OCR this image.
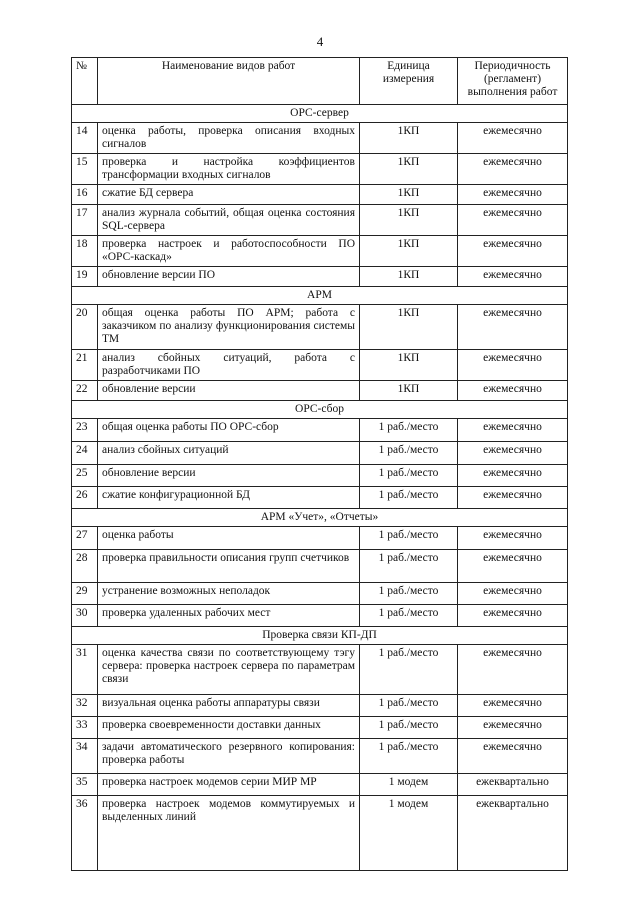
4
№	Наименование видов работ	Единица измерения	Периодичность (регламент) выполнения работ
ОРС-сервер			
14	оценка работы, проверка описания входных сигналов	1КП	ежемесячно
15	проверка и настройка коэффициентов трансформации входных сигналов	1КП	ежемесячно
16	сжатие БД сервера	1КП	ежемесячно
17	анализ журнала событий, общая оценка состояния SQL-сервера	1КП	ежемесячно
18	проверка настроек и работоспособности ПО «ОРС-каскад»	1КП	ежемесячно
19	обновление версии ПО	1КП	ежемесячно
АРМ			
20	общая оценка работы ПО АРМ; работа с заказчиком по анализу функционирования системы ТМ	1КП	ежемесячно
21	анализ сбойных ситуаций, работа с разработчиками ПО	1КП	ежемесячно
22	обновление версии	1КП	ежемесячно
ОРС-сбор			
23	общая оценка работы ПО ОРС-сбор	1 раб./место	ежемесячно
24	анализ сбойных ситуаций	1 раб./место	ежемесячно
25	обновление версии	1 раб./место	ежемесячно
26	сжатие конфигурационной БД	1 раб./место	ежемесячно
АРМ «Учет», «Отчеты»			
27	оценка работы	1 раб./место	ежемесячно
28	проверка правильности описания групп счетчиков	1 раб./место	ежемесячно
29	устранение возможных неполадок	1 раб./место	ежемесячно
30	проверка удаленных рабочих мест	1 раб./место	ежемесячно
Проверка связи КП-ДП			
31	оценка качества связи по соответствующему тэгу сервера: проверка настроек сервера по параметрам связи	1 раб./место	ежемесячно
32	визуальная оценка работы аппаратуры связи	1 раб./место	ежемесячно
33	проверка своевременности доставки данных	1 раб./место	ежемесячно
34	задачи автоматического резервного копирования: проверка работы	1 раб./место	ежемесячно
35	проверка настроек модемов серии МИР МР	1 модем	ежеквартально
36	проверка настроек модемов коммутируемых и выделенных линий	1 модем	ежеквартально
